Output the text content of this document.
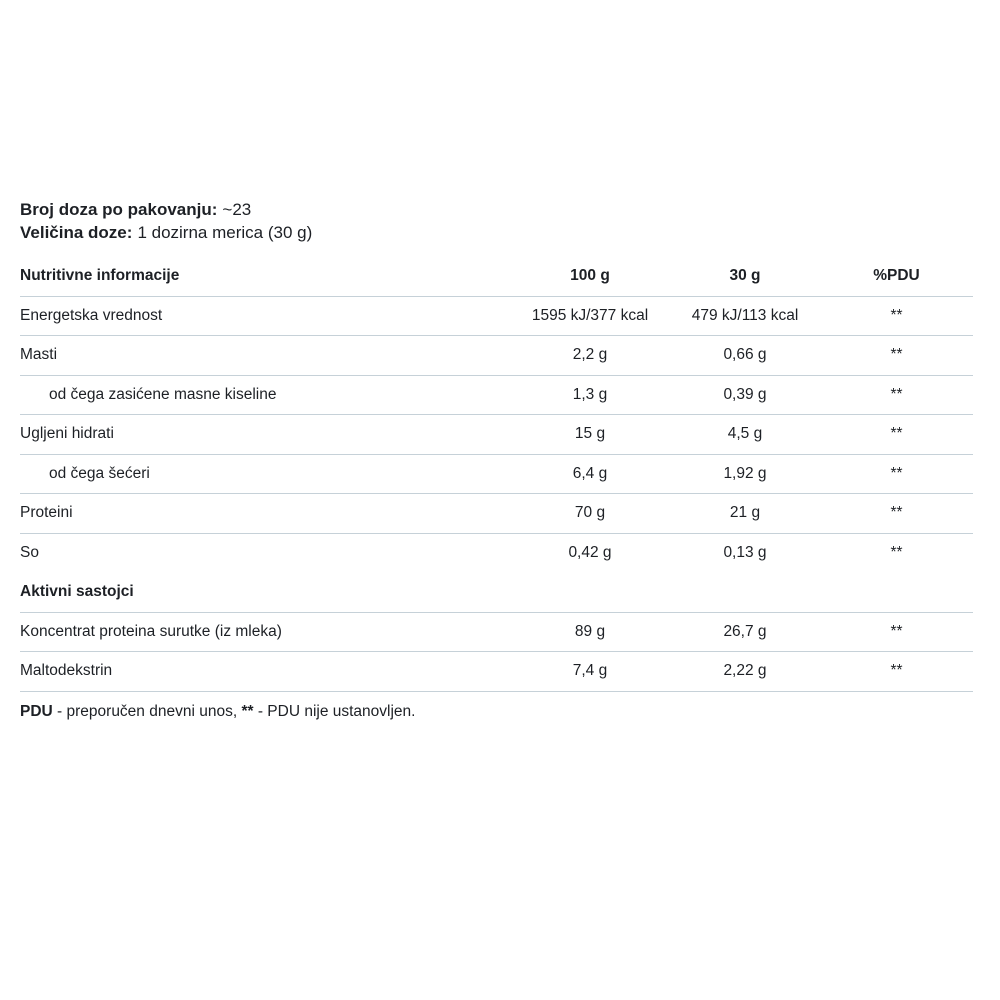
Broj doza po pakovanju: ~23
Veličina doze: 1 dozirna merica (30 g)
Nutritivne informacije	100 g	30 g	%PDU
Energetska vrednost	1595 kJ/377 kcal	479 kJ/113 kcal	**
Masti	2,2 g	0,66 g	**
od čega zasićene masne kiseline	1,3 g	0,39 g	**
Ugljeni hidrati	15 g	4,5 g	**
od čega šećeri	6,4 g	1,92 g	**
Proteini	70 g	21 g	**
So	0,42 g	0,13 g	**
Aktivni sastojci
Koncentrat proteina surutke (iz mleka)	89 g	26,7 g	**
Maltodekstrin	7,4 g	2,22 g	**
PDU - preporučen dnevni unos, ** - PDU nije ustanovljen.
